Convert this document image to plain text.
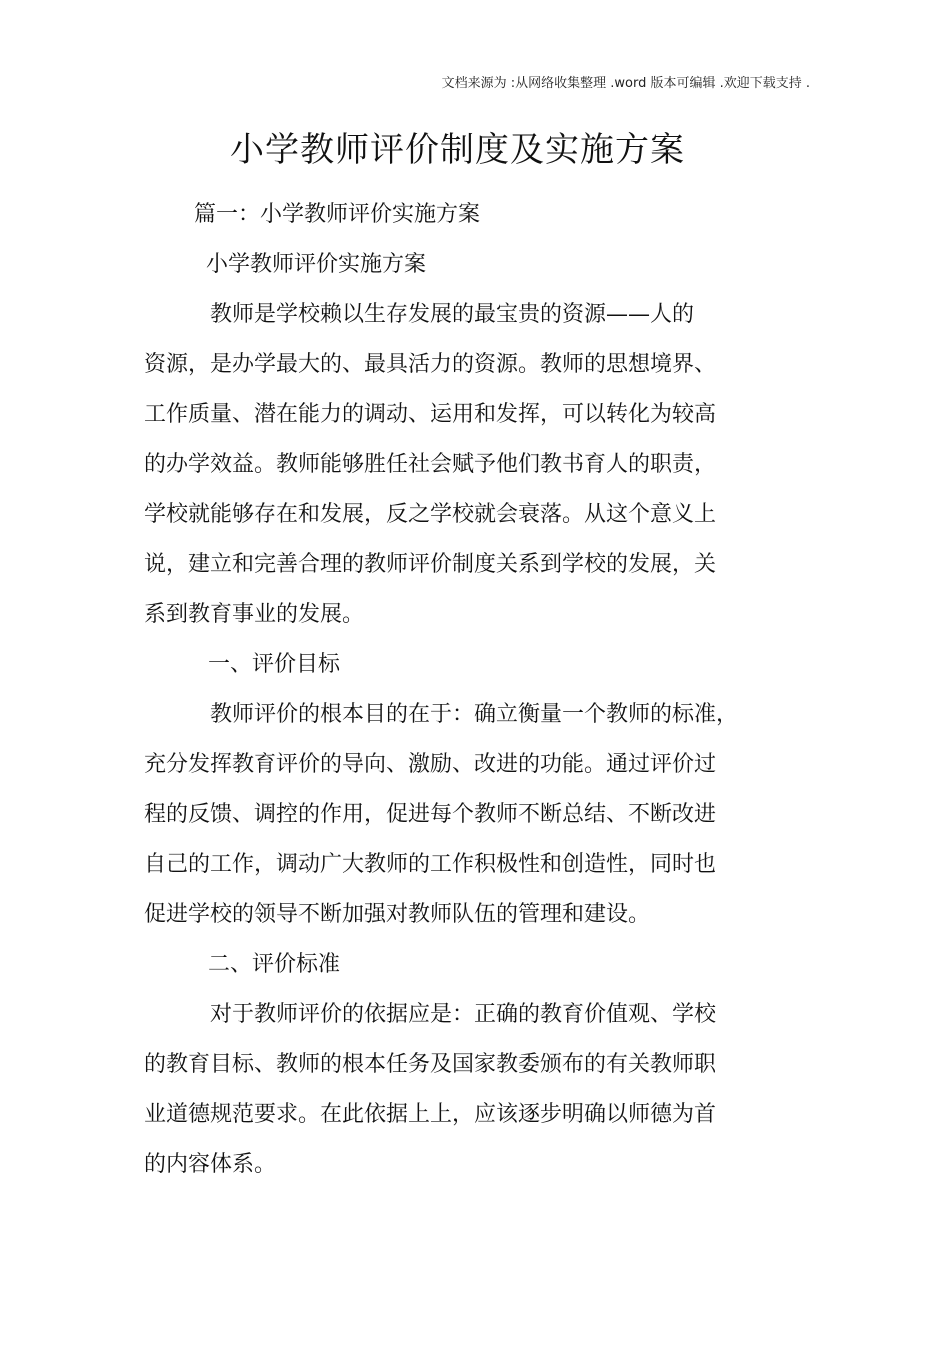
文档来源为 :从网络收集整理 .word 版本可编辑 .欢迎下载支持 .
小学教师评价制度及实施方案
篇一：小学教师评价实施方案
小学教师评价实施方案
教师是学校赖以生存发展的最宝贵的资源——人的
资源，是办学最大的、最具活力的资源。教师的思想境界、
工作质量、潜在能力的调动、运用和发挥，可以转化为较高
的办学效益。教师能够胜任社会赋予他们教书育人的职责，
学校就能够存在和发展，反之学校就会衰落。从这个意义上
说，建立和完善合理的教师评价制度关系到学校的发展，关
系到教育事业的发展。
一、评价目标
教师评价的根本目的在于：确立衡量一个教师的标准，
充分发挥教育评价的导向、激励、改进的功能。通过评价过
程的反馈、调控的作用，促进每个教师不断总结、不断改进
自己的工作，调动广大教师的工作积极性和创造性，同时也
促进学校的领导不断加强对教师队伍的管理和建设。
二、评价标准
对于教师评价的依据应是：正确的教育价值观、学校
的教育目标、教师的根本任务及国家教委颁布的有关教师职
业道德规范要求。在此依据上上，应该逐步明确以师德为首
的内容体系。
